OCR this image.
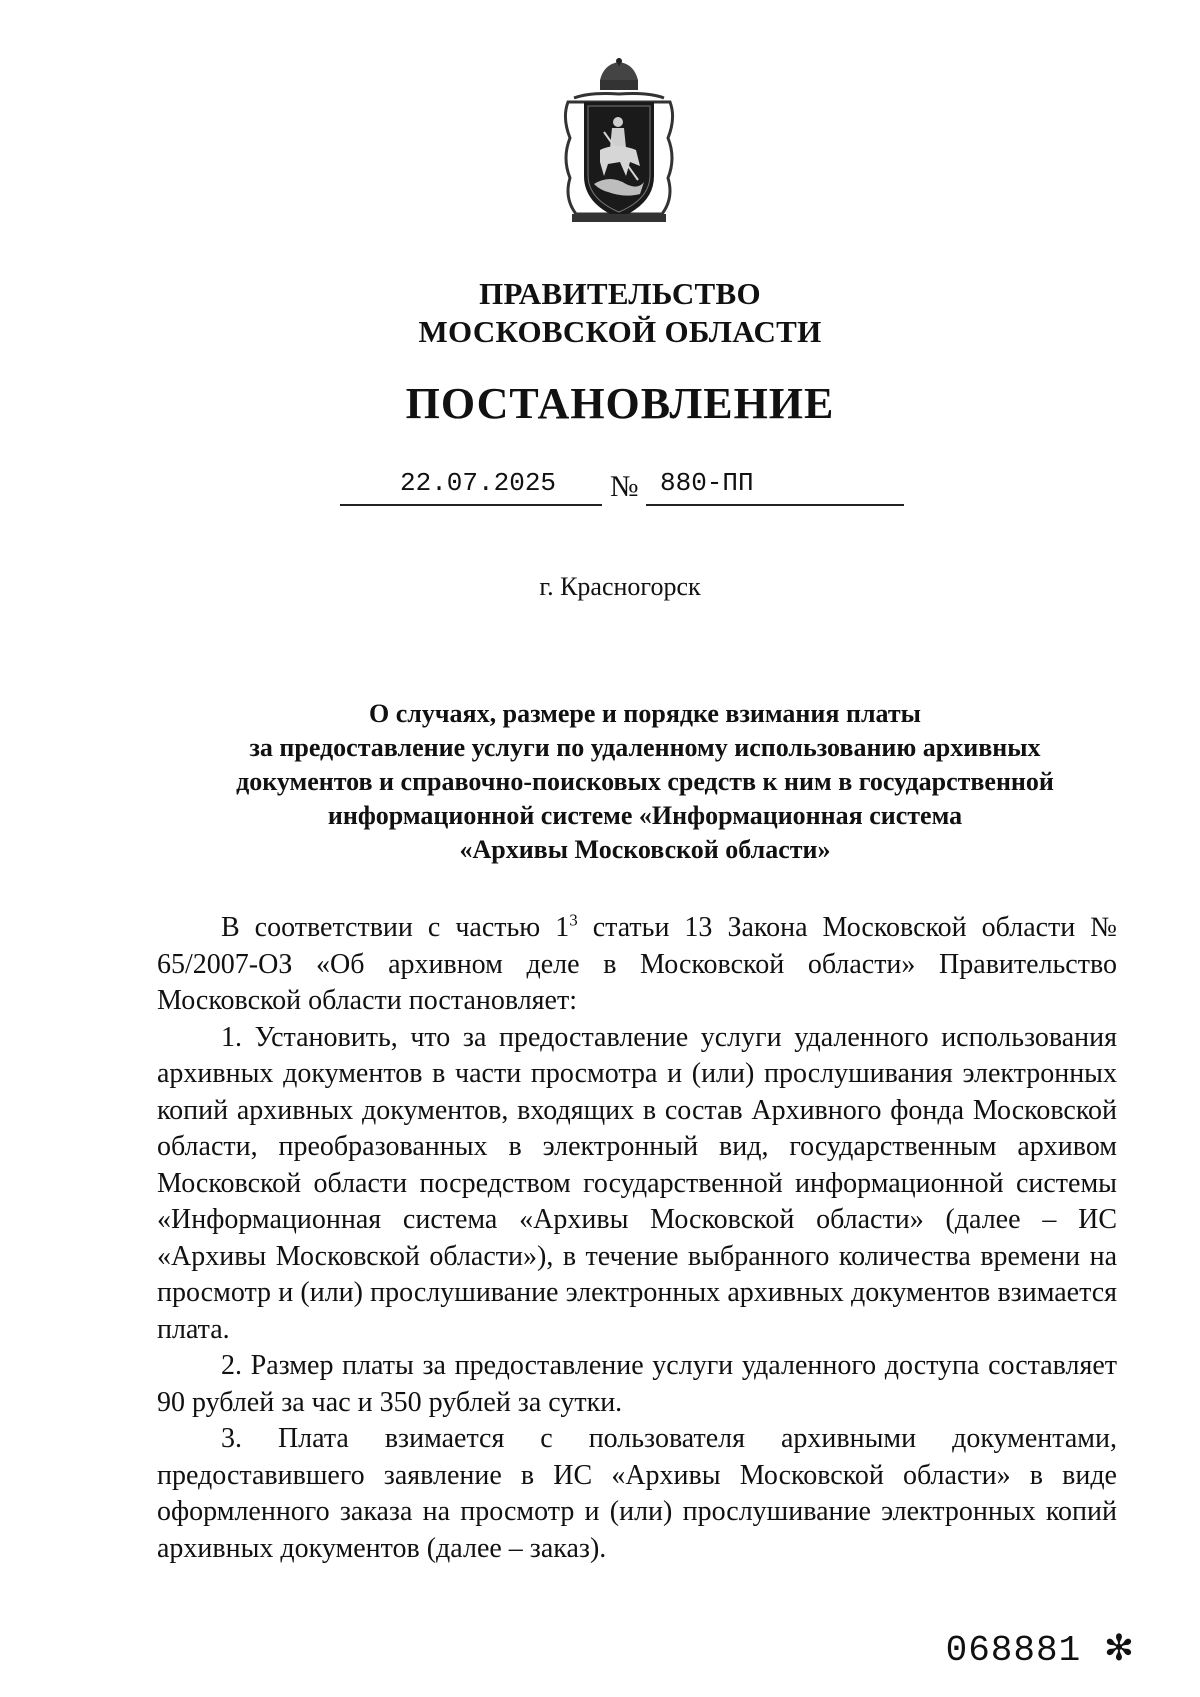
ПРАВИТЕЛЬСТВО
МОСКОВСКОЙ ОБЛАСТИ
ПОСТАНОВЛЕНИЕ
22.07.2025 № 880-ПП
г. Красногорск
О случаях, размере и порядке взимания платы
за предоставление услуги по удаленному использованию архивных
документов и справочно-поисковых средств к ним в государственной
информационной системе «Информационная система
«Архивы Московской области»

В соответствии с частью $1^3$ статьи 13 Закона Московской области № 65/2007-ОЗ «Об архивном деле в Московской области» Правительство Московской области постановляет:

1. Установить, что за предоставление услуги удаленного использования архивных документов в части просмотра и (или) прослушивания электронных копий архивных документов, входящих в состав Архивного фонда Московской области, преобразованных в электронный вид, государственным архивом Московской области посредством государственной информационной системы «Информационная система «Архивы Московской области» (далее – ИС «Архивы Московской области»), в течение выбранного количества времени на просмотр и (или) прослушивание электронных архивных документов взимается плата.

2. Размер платы за предоставление услуги удаленного доступа составляет 90 рублей за час и 350 рублей за сутки.

3. Плата взимается с пользователя архивными документами, предоставившего заявление в ИС «Архивы Московской области» в виде оформленного заказа на просмотр и (или) прослушивание электронных копий архивных документов (далее – заказ).

068881 ✻
